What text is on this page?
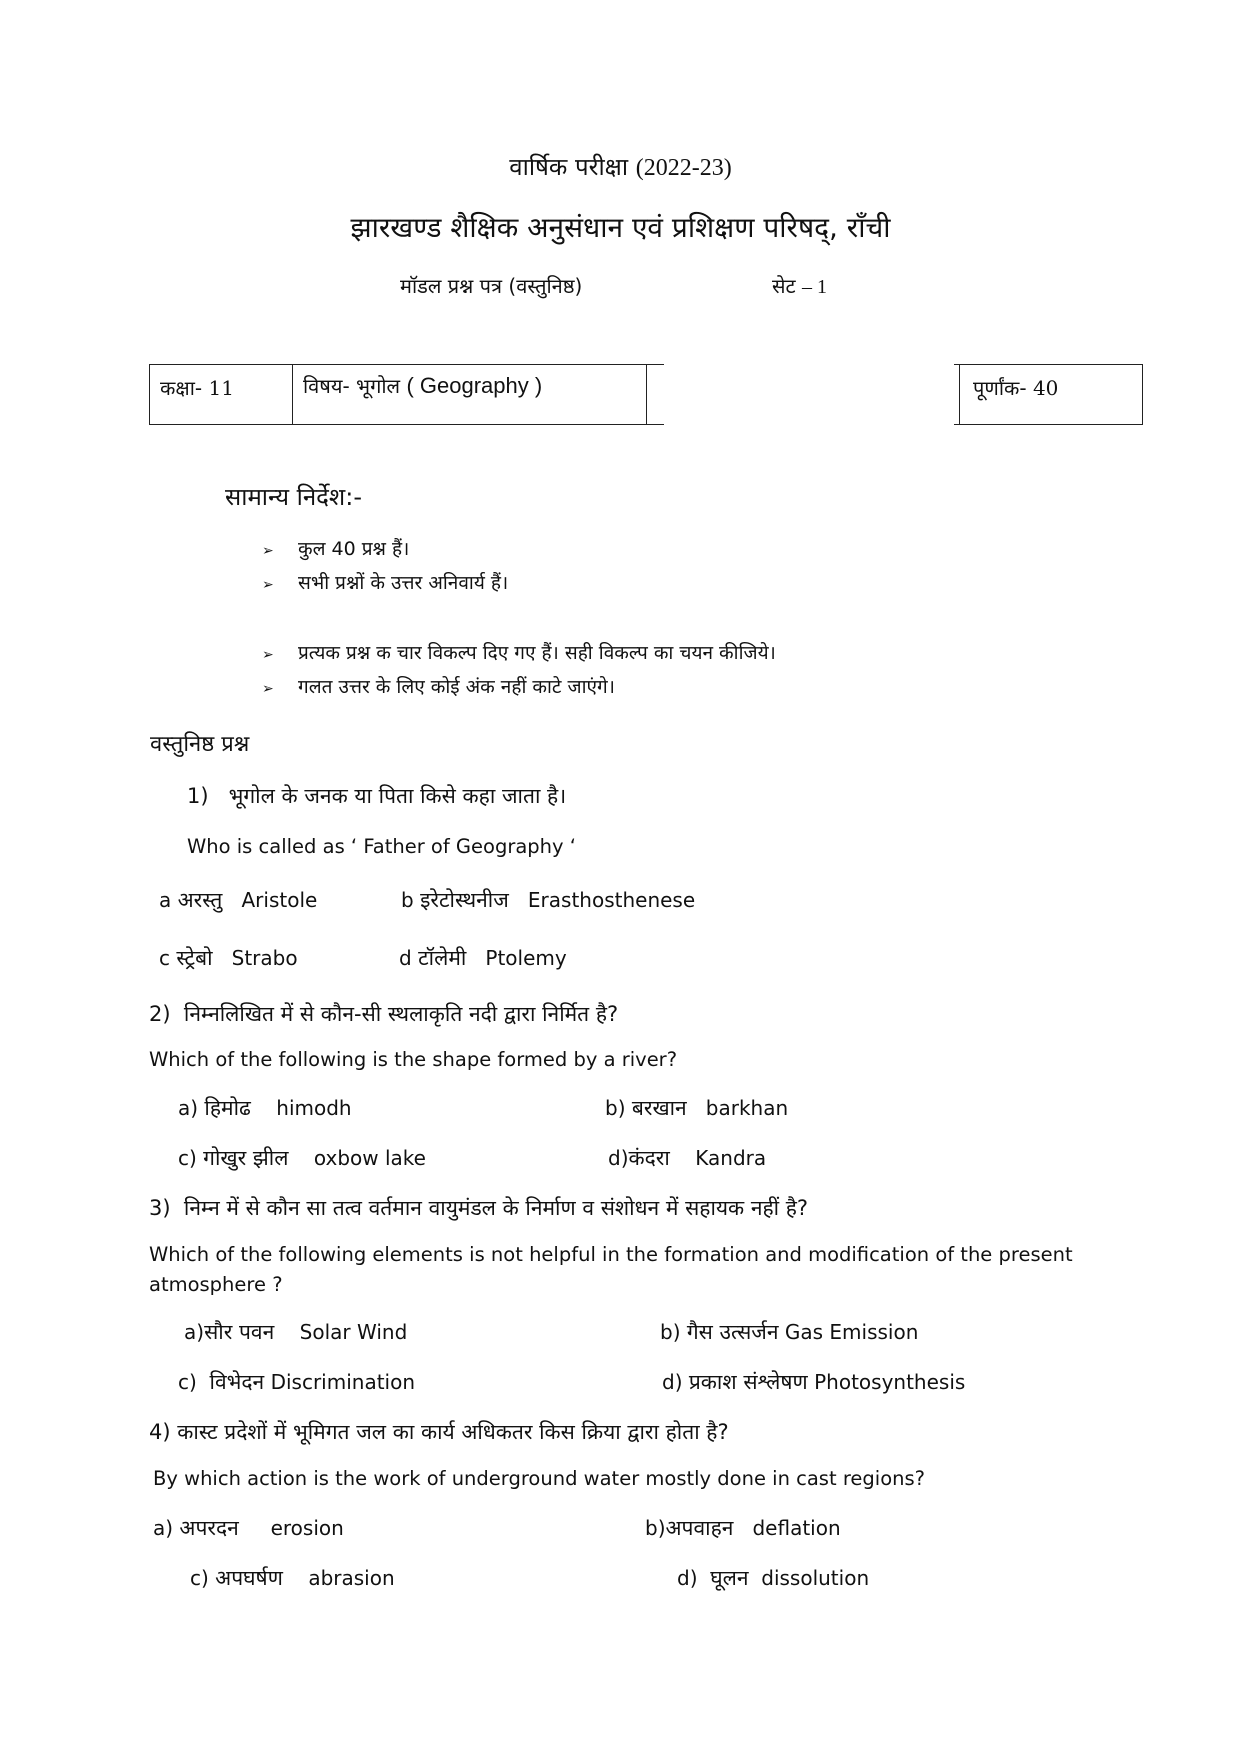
वार्षिक परीक्षा (2022-23)
झारखण्ड शैक्षिक अनुसंधान एवं प्रशिक्षण परिषद्, राँची
मॉडल प्रश्न पत्र (वस्तुनिष्ठ)	सेट – 1
कक्षा- 11	विषय- भूगोल ( Geography )	पूर्णांक- 40
सामान्य निर्देश:-
➢ कुल 40 प्रश्न हैं।
➢ सभी प्रश्नों के उत्तर अनिवार्य हैं।
➢ प्रत्यक प्रश्न क चार विकल्प दिए गए हैं। सही विकल्प का चयन कीजिये।
➢ गलत उत्तर के लिए कोई अंक नहीं काटे जाएंगे।
वस्तुनिष्ठ प्रश्न
1) भूगोल के जनक या पिता किसे कहा जाता है।
Who is called as ‘ Father of Geography ‘
a अरस्तु Aristole	b इरेटोस्थनीज Erasthosthenese
c स्ट्रेबो Strabo	d टॉलेमी Ptolemy
2) निम्नलिखित में से कौन-सी स्थलाकृति नदी द्वारा निर्मित है?
Which of the following is the shape formed by a river?
a) हिमोढ himodh	b) बरखान barkhan
c) गोखुर झील oxbow lake	d)कंदरा Kandra
3) निम्न में से कौन सा तत्व वर्तमान वायुमंडल के निर्माण व संशोधन में सहायक नहीं है?
Which of the following elements is not helpful in the formation and modification of the present
atmosphere ?
a)सौर पवन Solar Wind	b) गैस उत्सर्जन Gas Emission
c) विभेदन Discrimination	d) प्रकाश संश्लेषण Photosynthesis
4) कास्ट प्रदेशों में भूमिगत जल का कार्य अधिकतर किस क्रिया द्वारा होता है?
By which action is the work of underground water mostly done in cast regions?
a) अपरदन erosion	b)अपवाहन deflation
c) अपघर्षण abrasion	d) घूलन dissolution
